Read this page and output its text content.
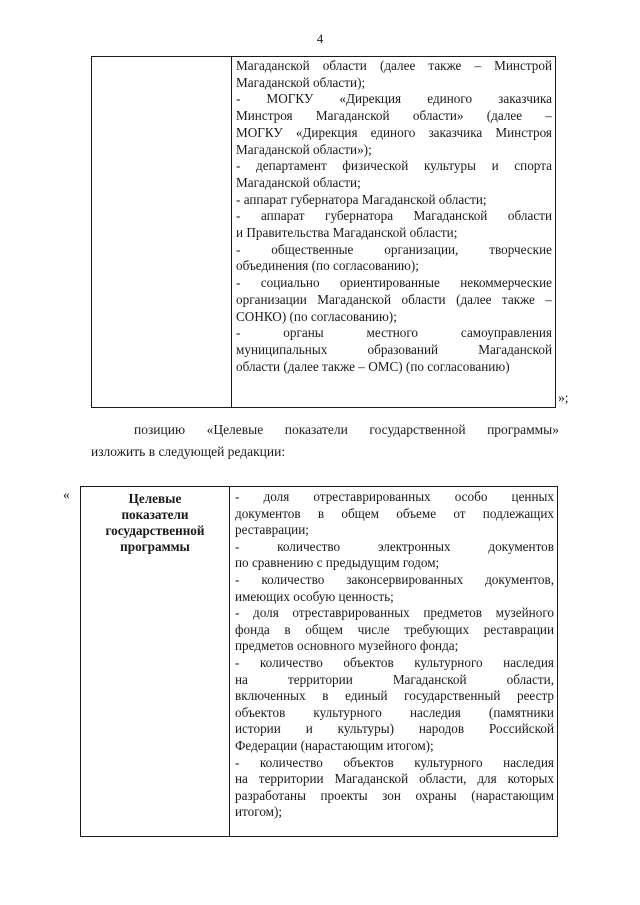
4
Магаданской области (далее также – Минстрой
Магаданской области);
- МОГКУ «Дирекция единого заказчика
Минстроя Магаданской области» (далее –
МОГКУ «Дирекция единого заказчика Минстроя
Магаданской области»);
- департамент физической культуры и спорта
Магаданской области;
- аппарат губернатора Магаданской области;
- аппарат губернатора Магаданской области
и Правительства Магаданской области;
- общественные организации, творческие
объединения (по согласованию);
- социально ориентированные некоммерческие
организации Магаданской области (далее также –
СОНКО) (по согласованию);
- органы местного самоуправления
муниципальных образований Магаданской
области (далее также – ОМС) (по согласованию)
»;
позицию «Целевые показатели государственной программы»
изложить в следующей редакции:
«	Целевые
показатели
государственной
программы
- доля отреставрированных особо ценных
документов в общем объеме от подлежащих
реставрации;
- количество электронных документов
по сравнению с предыдущим годом;
- количество законсервированных документов,
имеющих особую ценность;
- доля отреставрированных предметов музейного
фонда в общем числе требующих реставрации
предметов основного музейного фонда;
- количество объектов культурного наследия
на территории Магаданской области,
включенных в единый государственный реестр
объектов культурного наследия (памятники
истории и культуры) народов Российской
Федерации (нарастающим итогом);
- количество объектов культурного наследия
на территории Магаданской области, для которых
разработаны проекты зон охраны (нарастающим
итогом);
